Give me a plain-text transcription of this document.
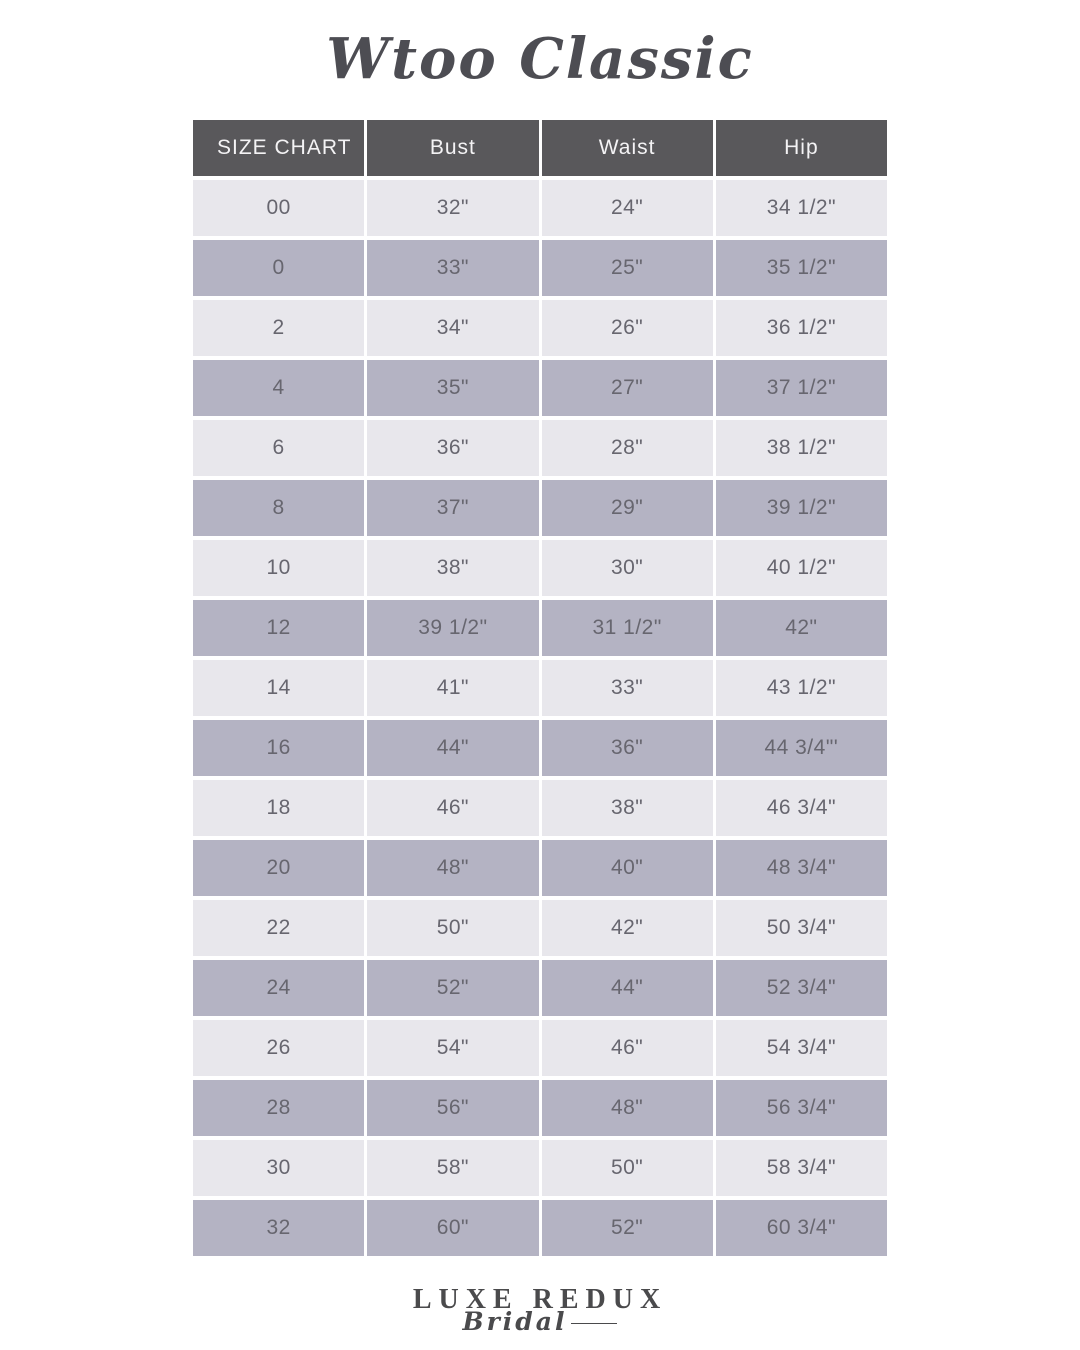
Wtoo Classic
SIZE CHART	Bust	Waist	Hip
00	32"	24"	34 1/2"
0	33"	25"	35 1/2"
2	34"	26"	36 1/2"
4	35"	27"	37 1/2"
6	36"	28"	38 1/2"
8	37"	29"	39 1/2"
10	38"	30"	40 1/2"
12	39 1/2"	31 1/2"	42"
14	41"	33"	43 1/2"
16	44"	36"	44 3/4"'
18	46"	38"	46 3/4"
20	48"	40"	48 3/4"
22	50"	42"	50 3/4"
24	52"	44"	52 3/4"
26	54"	46"	54 3/4"
28	56"	48"	56 3/4"
30	58"	50"	58 3/4"
32	60"	52"	60 3/4"
LUXE REDUX
Bridal
